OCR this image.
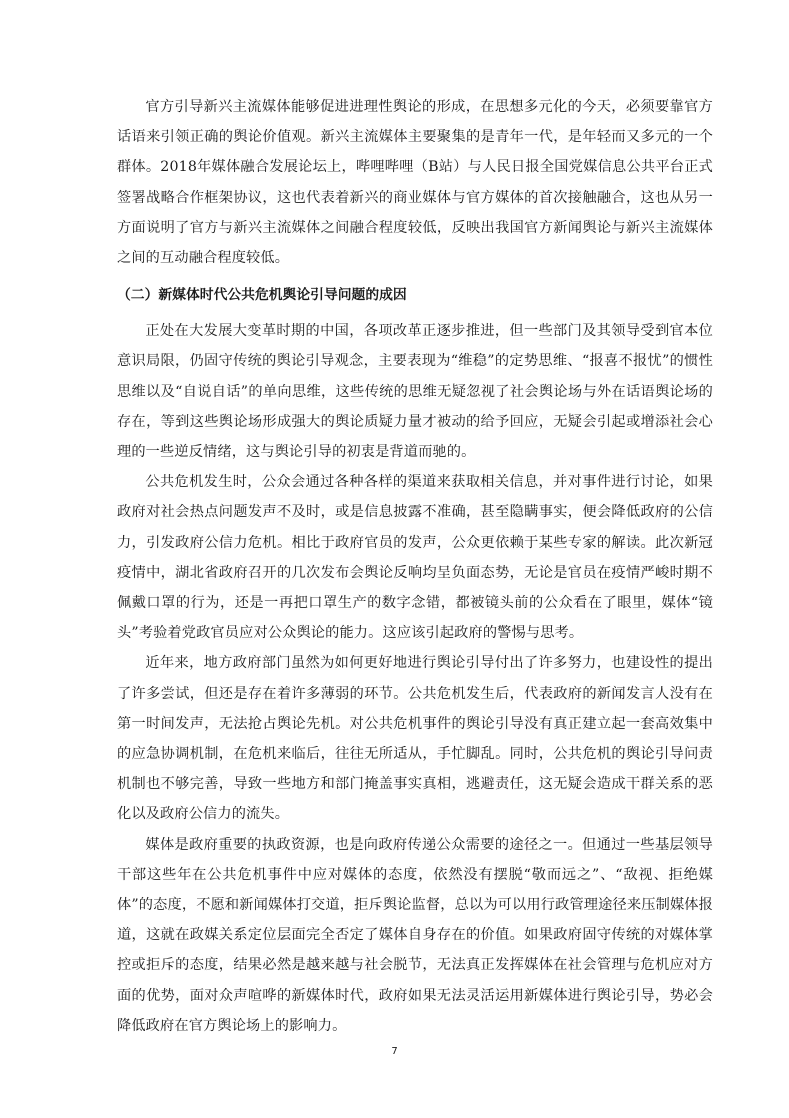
官方引导新兴主流媒体能够促进进理性舆论的形成，在思想多元化的今天，必须要靠官方话语来引领正确的舆论价值观。新兴主流媒体主要聚集的是青年一代，是年轻而又多元的一个群体。2018年媒体融合发展论坛上，哔哩哔哩（B站）与人民日报全国党媒信息公共平台正式签署战略合作框架协议，这也代表着新兴的商业媒体与官方媒体的首次接触融合，这也从另一方面说明了官方与新兴主流媒体之间融合程度较低，反映出我国官方新闻舆论与新兴主流媒体之间的互动融合程度较低。

（二）新媒体时代公共危机舆论引导问题的成因

正处在大发展大变革时期的中国，各项改革正逐步推进，但一些部门及其领导受到官本位意识局限，仍固守传统的舆论引导观念，主要表现为“维稳”的定势思维、“报喜不报忧”的惯性思维以及“自说自话”的单向思维，这些传统的思维无疑忽视了社会舆论场与外在话语舆论场的存在，等到这些舆论场形成强大的舆论质疑力量才被动的给予回应，无疑会引起或增添社会心理的一些逆反情绪，这与舆论引导的初衷是背道而驰的。

公共危机发生时，公众会通过各种各样的渠道来获取相关信息，并对事件进行讨论，如果政府对社会热点问题发声不及时，或是信息披露不准确，甚至隐瞒事实，便会降低政府的公信力，引发政府公信力危机。相比于政府官员的发声，公众更依赖于某些专家的解读。此次新冠疫情中，湖北省政府召开的几次发布会舆论反响均呈负面态势，无论是官员在疫情严峻时期不佩戴口罩的行为，还是一再把口罩生产的数字念错，都被镜头前的公众看在了眼里，媒体“镜头”考验着党政官员应对公众舆论的能力。这应该引起政府的警惕与思考。

近年来，地方政府部门虽然为如何更好地进行舆论引导付出了许多努力，也建设性的提出了许多尝试，但还是存在着许多薄弱的环节。公共危机发生后，代表政府的新闻发言人没有在第一时间发声，无法抢占舆论先机。对公共危机事件的舆论引导没有真正建立起一套高效集中的应急协调机制，在危机来临后，往往无所适从，手忙脚乱。同时，公共危机的舆论引导问责机制也不够完善，导致一些地方和部门掩盖事实真相，逃避责任，这无疑会造成干群关系的恶化以及政府公信力的流失。

媒体是政府重要的执政资源，也是向政府传递公众需要的途径之一。但通过一些基层领导干部这些年在公共危机事件中应对媒体的态度，依然没有摆脱“敬而远之”、“敌视、拒绝媒体”的态度，不愿和新闻媒体打交道，拒斥舆论监督，总以为可以用行政管理途径来压制媒体报道，这就在政媒关系定位层面完全否定了媒体自身存在的价值。如果政府固守传统的对媒体掌控或拒斥的态度，结果必然是越来越与社会脱节，无法真正发挥媒体在社会管理与危机应对方面的优势，面对众声喧哗的新媒体时代，政府如果无法灵活运用新媒体进行舆论引导，势必会降低政府在官方舆论场上的影响力。

7
